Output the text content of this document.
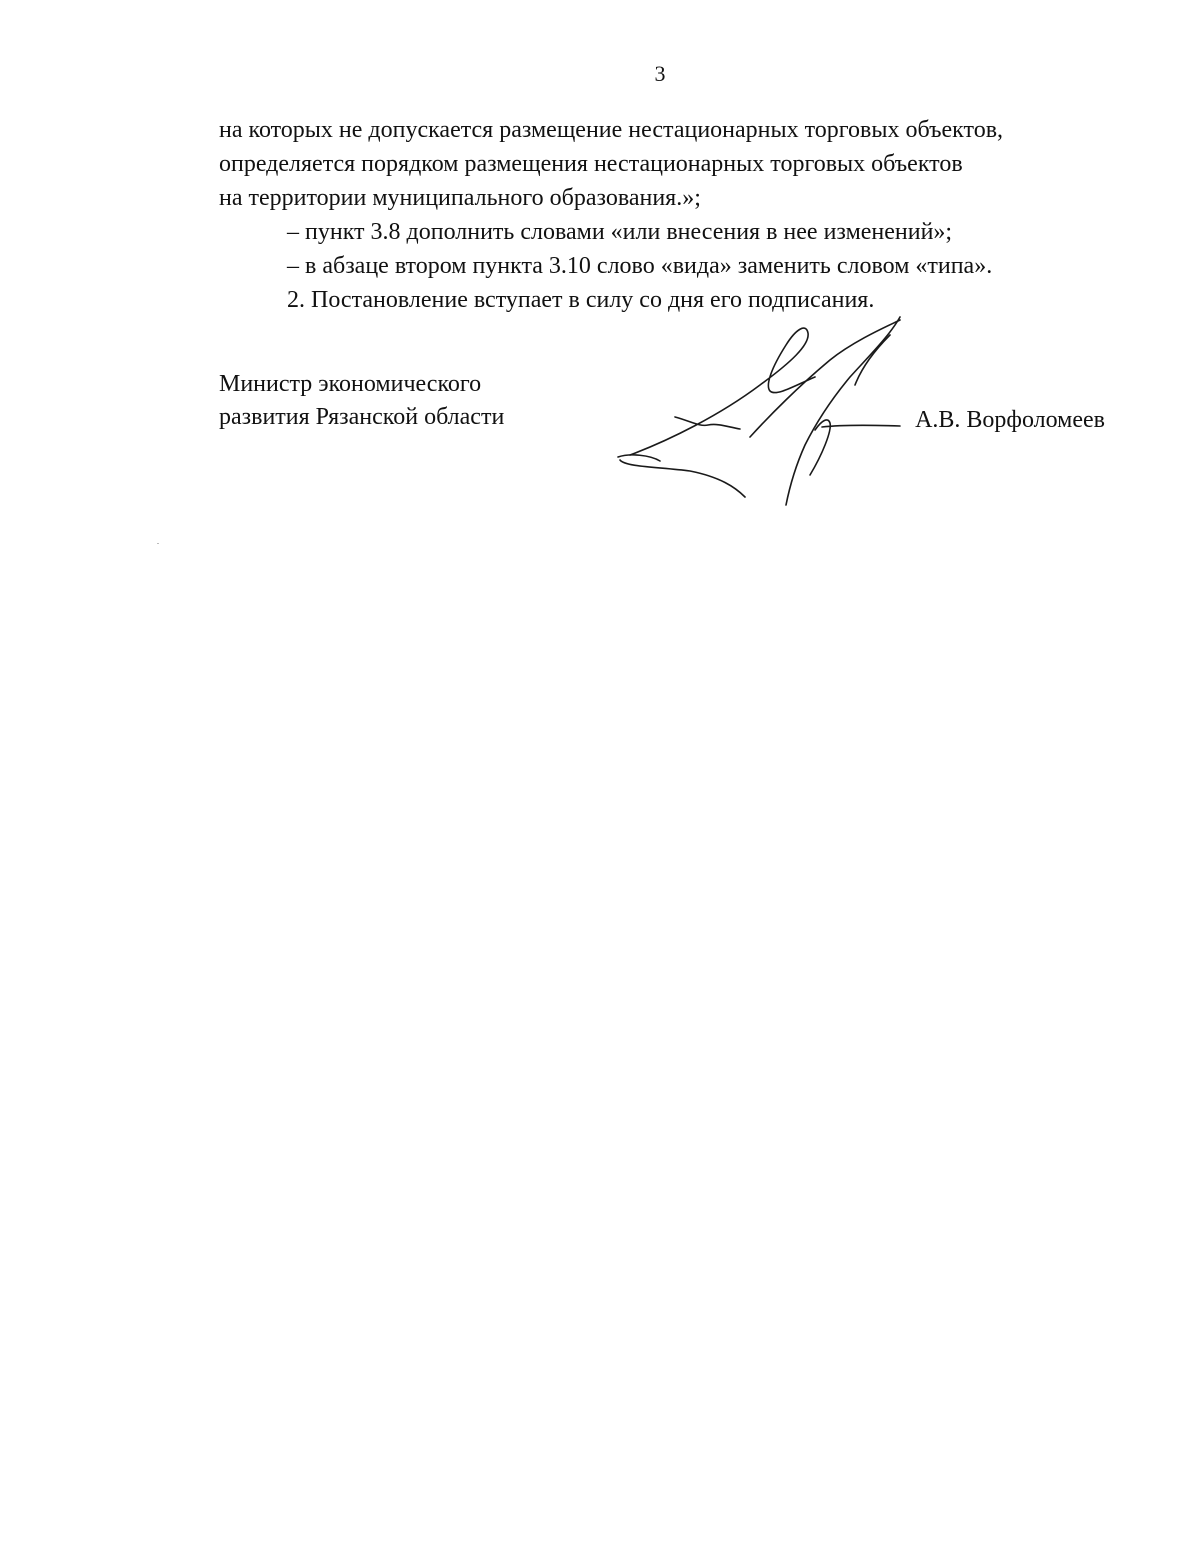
3

на которых не допускается размещение нестационарных торговых объектов,

определяется порядком размещения нестационарных торговых объектов

на территории муниципального образования.»;

– пункт 3.8 дополнить словами «или внесения в нее изменений»;

– в абзаце втором пункта 3.10 слово «вида» заменить словом «типа».

2. Постановление вступает в силу со дня его подписания.

Министр экономического
развития Рязанской области	А.В. Ворфоломеев
